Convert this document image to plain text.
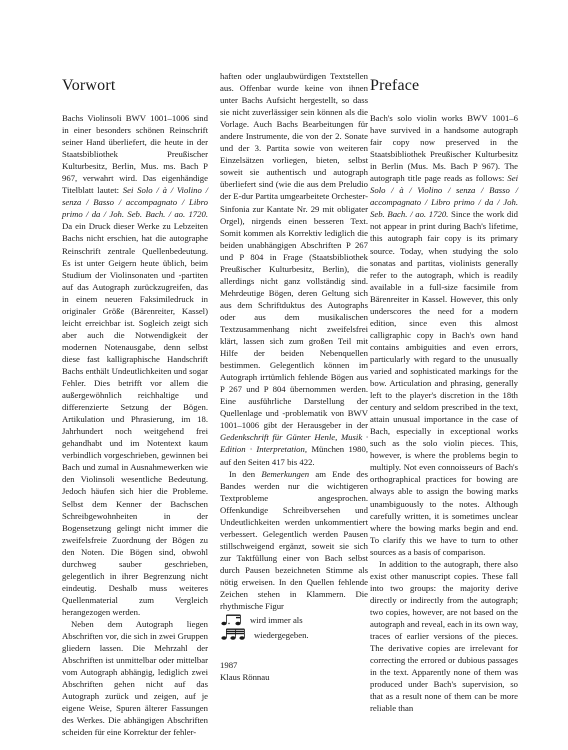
Vorwort

Bachs Violinsoli BWV 1001–1006 sind in einer besonders schönen Reinschrift seiner Hand überliefert, die heute in der Staatsbibliothek Preußischer Kulturbesitz, Berlin, Mus. ms. Bach P 967, verwahrt wird. Das eigenhändige Titelblatt lautet: Sei Solo / à / Violino / senza / Basso / accompagnato / Libro primo / da / Joh. Seb. Bach. / ao. 1720. Da ein Druck dieser Werke zu Lebzeiten Bachs nicht erschien, hat die autographe Reinschrift zentrale Quellenbedeutung. Es ist unter Geigern heute üblich, beim Studium der Violinsonaten und -partiten auf das Autograph zurückzugreifen, das in einem neueren Faksimiledruck in originaler Größe (Bärenreiter, Kassel) leicht erreichbar ist. Sogleich zeigt sich aber auch die Notwendigkeit der modernen Notenausgabe, denn selbst diese fast kalligraphische Handschrift Bachs enthält Undeutlichkeiten und sogar Fehler. Dies betrifft vor allem die außergewöhnlich reichhaltige und differenzierte Setzung der Bögen. Artikulation und Phrasierung, im 18. Jahrhundert noch weitgehend frei gehandhabt und im Notentext kaum verbindlich vorgeschrieben, gewinnen bei Bach und zumal in Ausnahmewerken wie den Violinsoli wesentliche Bedeutung. Jedoch häufen sich hier die Probleme. Selbst dem Kenner der Bachschen Schreibgewohnheiten in der Bogensetzung gelingt nicht immer die zweifelsfreie Zuordnung der Bögen zu den Noten. Die Bögen sind, obwohl durchweg sauber geschrieben, gelegentlich in ihrer Begrenzung nicht eindeutig. Deshalb muss weiteres Quellenmaterial zum Vergleich herangezogen werden.

Neben dem Autograph liegen Abschriften vor, die sich in zwei Gruppen gliedern lassen. Die Mehrzahl der Abschriften ist unmittelbar oder mittelbar vom Autograph abhängig, lediglich zwei Abschriften gehen nicht auf das Autograph zurück und zeigen, auf je eigene Weise, Spuren älterer Fassungen des Werkes. Die abhängigen Abschriften scheiden für eine Korrektur der fehler-

haften oder unglaubwürdigen Textstellen aus. Offenbar wurde keine von ihnen unter Bachs Aufsicht hergestellt, so dass sie nicht zuverlässiger sein können als die Vorlage. Auch Bachs Bearbeitungen für andere Instrumente, die von der 2. Sonate und der 3. Partita sowie von weiteren Einzelsätzen vorliegen, bieten, selbst soweit sie authentisch und autograph überliefert sind (wie die aus dem Preludio der E-dur Partita umgearbeitete Orchester-Sinfonia zur Kantate Nr. 29 mit obligater Orgel), nirgends einen besseren Text. Somit kommen als Korrektiv lediglich die beiden unabhängigen Abschriften P 267 und P 804 in Frage (Staatsbibliothek Preußischer Kulturbesitz, Berlin), die allerdings nicht ganz vollständig sind. Mehrdeutige Bögen, deren Geltung sich aus dem Schriftduktus des Autographs oder aus dem musikalischen Textzusammenhang nicht zweifelsfrei klärt, lassen sich zum großen Teil mit Hilfe der beiden Nebenquellen bestimmen. Gelegentlich können im Autograph irrtümlich fehlende Bögen aus P 267 und P 804 übernommen werden. Eine ausführliche Darstellung der Quellenlage und -problematik von BWV 1001–1006 gibt der Herausgeber in der Gedenkschrift für Günter Henle, Musik · Edition · Interpretation, München 1980, auf den Seiten 417 bis 422.

In den Bemerkungen am Ende des Bandes werden nur die wichtigeren Textprobleme angesprochen. Offenkundige Schreibversehen und Undeutlichkeiten werden unkommentiert verbessert. Gelegentlich werden Pausen stillschweigend ergänzt, soweit sie sich zur Taktfüllung einer von Bach selbst durch Pausen bezeichneten Stimme als nötig erweisen. In den Quellen fehlende Zeichen stehen in Klammern. Die rhythmische Figur

wird immer als
wiedergegeben.
1987
Klaus Rönnau
Preface

Bach's solo violin works BWV 1001–6 have survived in a handsome autograph fair copy now preserved in the Staatsbibliothek Preußischer Kulturbesitz in Berlin (Mus. Ms. Bach P 967). The autograph title page reads as follows: Sei Solo / à / Violino / senza / Basso / accompagnato / Libro primo / da / Joh. Seb. Bach. / ao. 1720. Since the work did not appear in print during Bach's lifetime, this autograph fair copy is its primary source. Today, when studying the solo sonatas and partitas, violinists generally refer to the autograph, which is readily available in a full-size facsimile from Bärenreiter in Kassel. However, this only underscores the need for a modern edition, since even this almost calligraphic copy in Bach's own hand contains ambiguities and even errors, particularly with regard to the unusually varied and sophisticated markings for the bow. Articulation and phrasing, generally left to the player's discretion in the 18th century and seldom prescribed in the text, attain unusual importance in the case of Bach, especially in exceptional works such as the solo violin pieces. This, however, is where the problems begin to multiply. Not even connoisseurs of Bach's orthographical practices for bowing are always able to assign the bowing marks unambiguously to the notes. Although carefully written, it is sometimes unclear where the bowing marks begin and end. To clarify this we have to turn to other sources as a basis of comparison.

In addition to the autograph, there also exist other manuscript copies. These fall into two groups: the majority derive directly or indirectly from the autograph; two copies, however, are not based on the autograph and reveal, each in its own way, traces of earlier versions of the pieces. The derivative copies are irrelevant for correcting the errored or dubious passages in the text. Apparently none of them was produced under Bach's supervision, so that as a result none of them can be more reliable than
